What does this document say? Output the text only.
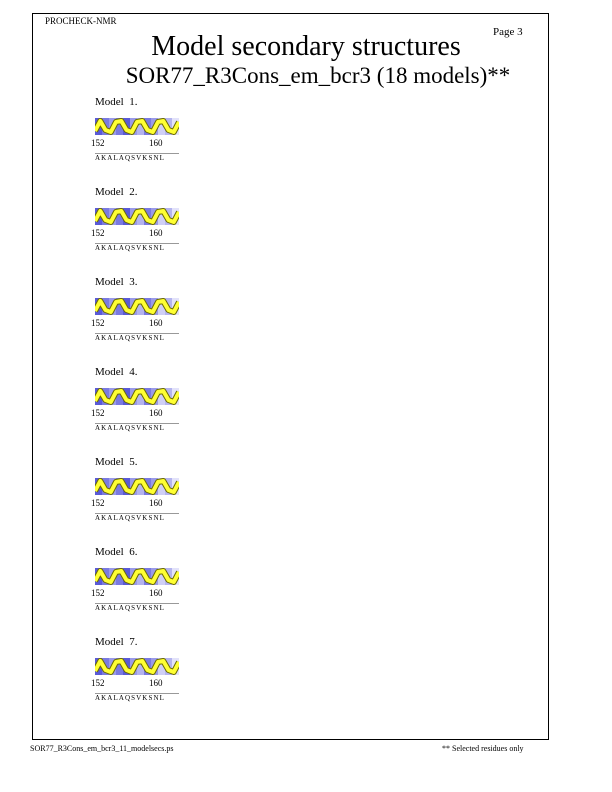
PROCHECK-NMR
Page 3
Model secondary structures
SOR77_R3Cons_em_bcr3 (18 models)**
Model  1.
152	160
AKALAQSVKSNL
Model  2.
152	160
AKALAQSVKSNL
Model  3.
152	160
AKALAQSVKSNL
Model  4.
152	160
AKALAQSVKSNL
Model  5.
152	160
AKALAQSVKSNL
Model  6.
152	160
AKALAQSVKSNL
Model  7.
152	160
AKALAQSVKSNL
SOR77_R3Cons_em_bcr3_11_modelsecs.ps	** Selected residues only
